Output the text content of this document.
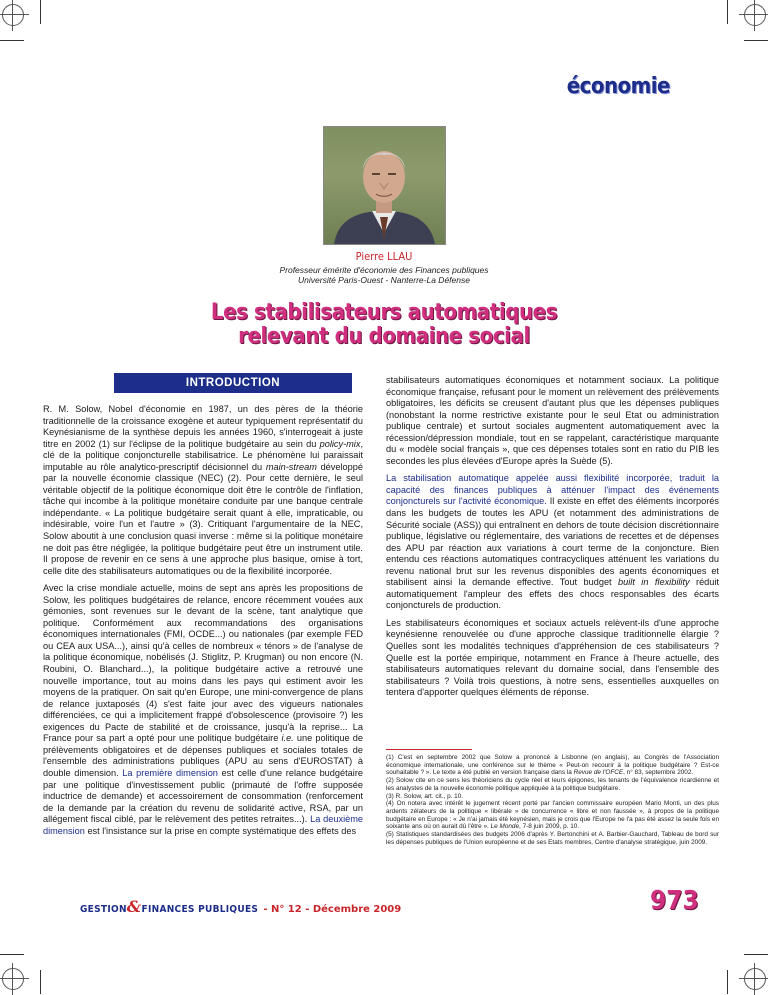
économie
Pierre LLAU
Professeur émérite d'économie des Finances publiques
Université Paris-Ouest - Nanterre-La Défense
Les stabilisateurs automatiques
relevant du domaine social
INTRODUCTION

R. M. Solow, Nobel d'économie en 1987, un des pères de la théorie traditionnelle de la croissance exogène et auteur typiquement représentatif du Keynésianisme de la synthèse depuis les années 1960, s'interrogeait à juste titre en 2002 (1) sur l'éclipse de la politique budgétaire au sein du policy-mix, clé de la politique conjoncturelle stabilisatrice. Le phénomène lui paraissait imputable au rôle analytico-prescriptif décisionnel du main-stream développé par la nouvelle économie classique (NEC) (2). Pour cette dernière, le seul véritable objectif de la politique économique doit être le contrôle de l'inflation, tâche qui incombe à la politique monétaire conduite par une banque centrale indépendante. « La politique budgétaire serait quant à elle, impraticable, ou indésirable, voire l'un et l'autre » (3). Critiquant l'argumentaire de la NEC, Solow aboutit à une conclusion quasi inverse : même si la politique monétaire ne doit pas être négligée, la politique budgétaire peut être un instrument utile. Il propose de revenir en ce sens à une approche plus basique, omise à tort, celle dite des stabilisateurs automatiques ou de la flexibilité incorporée.

Avec la crise mondiale actuelle, moins de sept ans après les propositions de Solow, les politiques budgétaires de relance, encore récemment vouées aux gémonies, sont revenues sur le devant de la scène, tant analytique que politique. Conformément aux recommandations des organisations économiques internationales (FMI, OCDE...) ou nationales (par exemple FED ou CEA aux USA...), ainsi qu'à celles de nombreux « ténors » de l'analyse de la politique économique, nobélisés (J. Stiglitz, P. Krugman) ou non encore (N. Roubini, O. Blanchard...), la politique budgétaire active a retrouvé une nouvelle importance, tout au moins dans les pays qui estiment avoir les moyens de la pratiquer. On sait qu'en Europe, une mini-convergence de plans de relance juxtaposés (4) s'est faite jour avec des vigueurs nationales différenciées, ce qui a implicitement frappé d'obsolescence (provisoire ?) les exigences du Pacte de stabilité et de croissance, jusqu'à la reprise... La France pour sa part a opté pour une politique budgétaire i.e. une politique de prélèvements obligatoires et de dépenses publiques et sociales totales de l'ensemble des administrations publiques (APU au sens d'EUROSTAT) à double dimension. La première dimension est celle d'une relance budgétaire par une politique d'investissement public (primauté de l'offre supposée inductrice de demande) et accessoirement de consommation (renforcement de la demande par la création du revenu de solidarité active, RSA, par un allégement fiscal ciblé, par le relèvement des petites retraites...). La deuxième dimension est l'insistance sur la prise en compte systématique des effets des

stabilisateurs automatiques économiques et notamment sociaux. La politique économique française, refusant pour le moment un relèvement des prélèvements obligatoires, les déficits se creusent d'autant plus que les dépenses publiques (nonobstant la norme restrictive existante pour le seul Etat ou administration publique centrale) et surtout sociales augmentent automatiquement avec la récession/dépression mondiale, tout en se rappelant, caractéristique marquante du « modèle social français », que ces dépenses totales sont en ratio du PIB les secondes les plus élevées d'Europe après la Suède (5).

La stabilisation automatique appelée aussi flexibilité incorporée, traduit la capacité des finances publiques à atténuer l'impact des événements conjoncturels sur l'activité économique. Il existe en effet des éléments incorporés dans les budgets de toutes les APU (et notamment des administrations de Sécurité sociale (ASS)) qui entraînent en dehors de toute décision discrétionnaire publique, législative ou réglementaire, des variations de recettes et de dépenses des APU par réaction aux variations à court terme de la conjoncture. Bien entendu ces réactions automatiques contracycliques atténuent les variations du revenu national brut sur les revenus disponibles des agents économiques et stabilisent ainsi la demande effective. Tout budget built in flexibility réduit automatiquement l'ampleur des effets des chocs responsables des écarts conjoncturels de production.

Les stabilisateurs économiques et sociaux actuels relèvent-ils d'une approche keynésienne renouvelée ou d'une approche classique traditionnelle élargie ? Quelles sont les modalités techniques d'appréhension de ces stabilisateurs ? Quelle est la portée empirique, notamment en France à l'heure actuelle, des stabilisateurs automatiques relevant du domaine social, dans l'ensemble des stabilisateurs ? Voilà trois questions, à notre sens, essentielles auxquelles on tentera d'apporter quelques éléments de réponse.

(1) C'est en septembre 2002 que Solow a prononcé à Lisbonne (en anglais), au Congrès de l'Association économique internationale, une conférence sur le thème « Peut-on recourir à la politique budgétaire ? Est-ce souhaitable ? ». Le texte a été publié en version française dans la Revue de l'OFCE, n° 83, septembre 2002.

(2) Solow cite en ce sens les théoriciens du cycle réel et leurs épigones, les tenants de l'équivalence ricardienne et les analystes de la nouvelle économie politique appliquée à la politique budgétaire.

(3) R. Solow, art. cit., p. 10.

(4) On notera avec intérêt le jugement récent porté par l'ancien commissaire européen Mario Monti, un des plus ardents zélateurs de la politique « libérale » de concurrence « libre et non faussée », à propos de la politique budgétaire en Europe : « Je n'ai jamais été keynésien, mais je crois que l'Europe ne l'a pas été assez la seule fois en soixante ans où on aurait dû l'être ». Le Monde, 7-8 juin 2009, p. 10.

(5) Statistiques standardisées des budgets 2006 d'après Y. Bertonchini et A. Barbier-Gauchard, Tableau de bord sur les dépenses publiques de l'Union européenne et de ses Etats membres, Centre d'analyse stratégique, juin 2009.

GESTION&FINANCES PUBLIQUES - N° 12 - Décembre 2009	973
